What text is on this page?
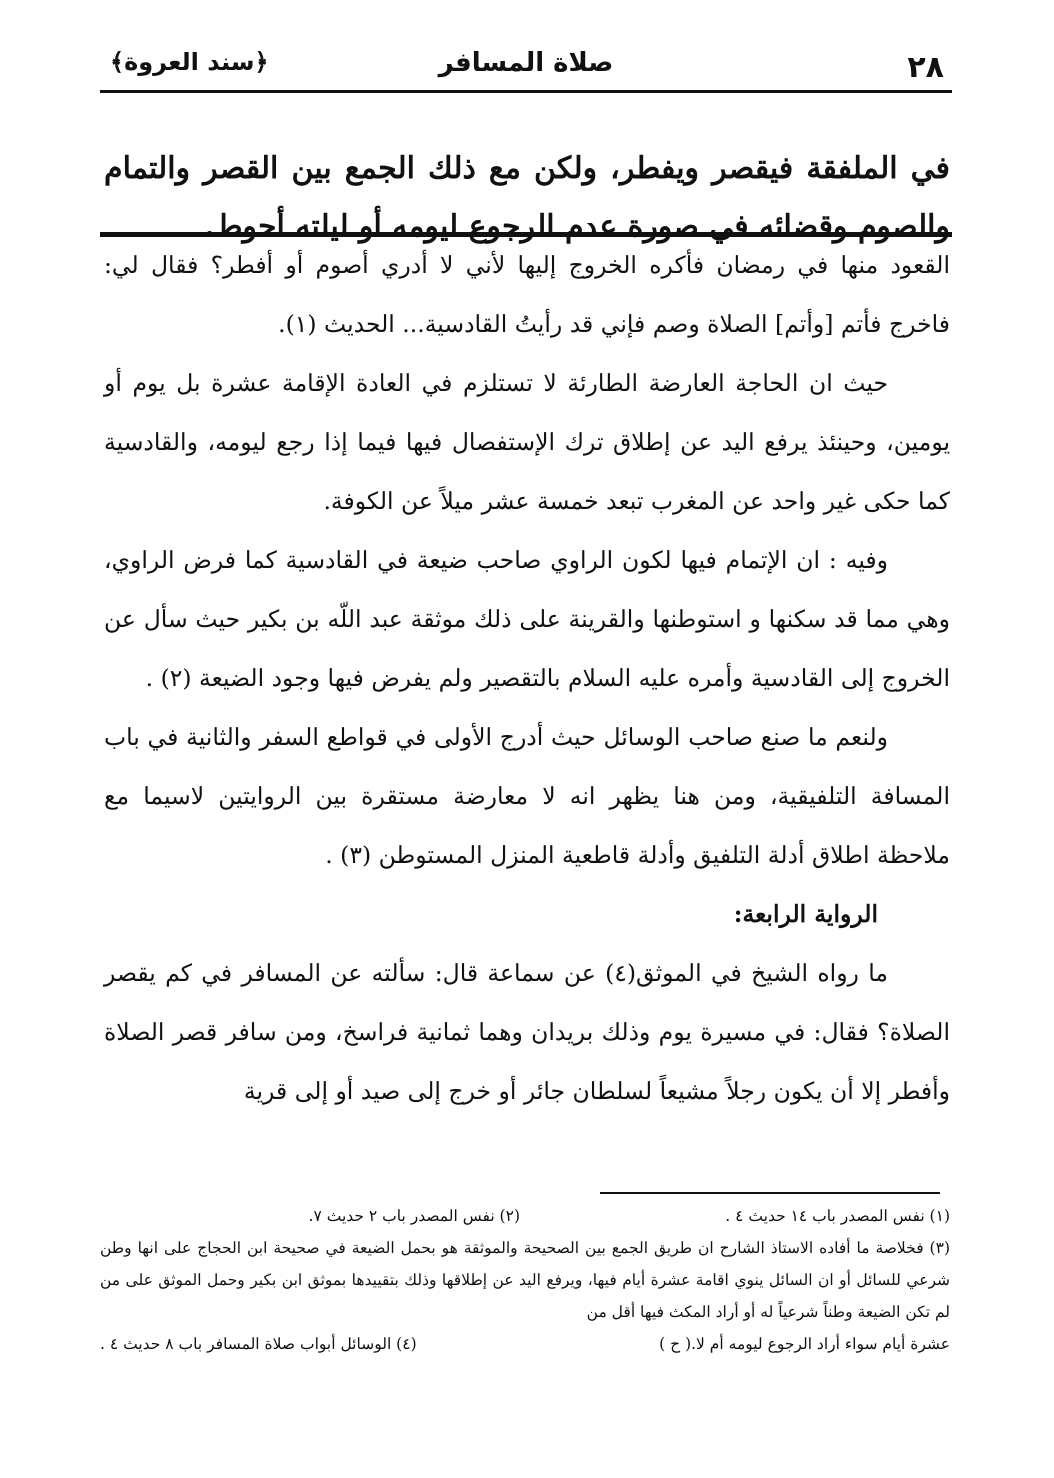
٢٨
صلاة المسافر
﴿سند العروة﴾

في الملفقة فيقصر ويفطر، ولكن مع ذلك الجمع بين القصر والتمام والصوم وقضائه في صورة عدم الرجوع ليومه أو ليلته أحوط.

القعود منها في رمضان فأكره الخروج إليها لأني لا أدري أصوم أو أفطر؟ فقال لي: فاخرج فأتم [وأتم] الصلاة وصم فإني قد رأيتُ القادسية... الحديث (١).

حيث ان الحاجة العارضة الطارئة لا تستلزم في العادة الإقامة عشرة بل يوم أو يومين، وحينئذ يرفع اليد عن إطلاق ترك الإستفصال فيها فيما إذا رجع ليومه، والقادسية كما حكى غير واحد عن المغرب تبعد خمسة عشر ميلاً عن الكوفة.

وفيه : ان الإتمام فيها لكون الراوي صاحب ضيعة في القادسية كما فرض الراوي، وهي مما قد سكنها و استوطنها والقرينة على ذلك موثقة عبد اللّه بن بكير حيث سأل عن الخروج إلى القادسية وأمره عليه السلام بالتقصير ولم يفرض فيها وجود الضيعة (٢) .

ولنعم ما صنع صاحب الوسائل حيث أدرج الأولى في قواطع السفر والثانية في باب المسافة التلفيقية، ومن هنا يظهر انه لا معارضة مستقرة بين الروايتين لاسيما مع ملاحظة اطلاق أدلة التلفيق وأدلة قاطعية المنزل المستوطن (٣) .

الرواية الرابعة:

ما رواه الشيخ في الموثق(٤) عن سماعة قال: سألته عن المسافر في كم يقصر الصلاة؟ فقال: في مسيرة يوم وذلك بريدان وهما ثمانية فراسخ، ومن سافر قصر الصلاة وأفطر إلا أن يكون رجلاً مشيعاً لسلطان جائر أو خرج إلى صيد أو إلى قرية

(١) نفس المصدر باب ١٤ حديث ٤ .
(٢) نفس المصدر باب ٢ حديث ٧.

(٣) فخلاصة ما أفاده الاستاذ الشارح ان طريق الجمع بين الصحيحة والموثقة هو بحمل الضيعة في صحيحة ابن الحجاج على انها وطن شرعي للسائل أو ان السائل ينوي اقامة عشرة أيام فيها، ويرفع اليد عن إطلاقها وذلك بتقييدها بموثق ابن بكير وحمل الموثق على من لم تكن الضيعة وطناً شرعياً له أو أراد المكث فيها أقل من

عشرة أيام سواء أراد الرجوع ليومه أم لا.( ح )
(٤) الوسائل أبواب صلاة المسافر باب ٨ حديث ٤ .
